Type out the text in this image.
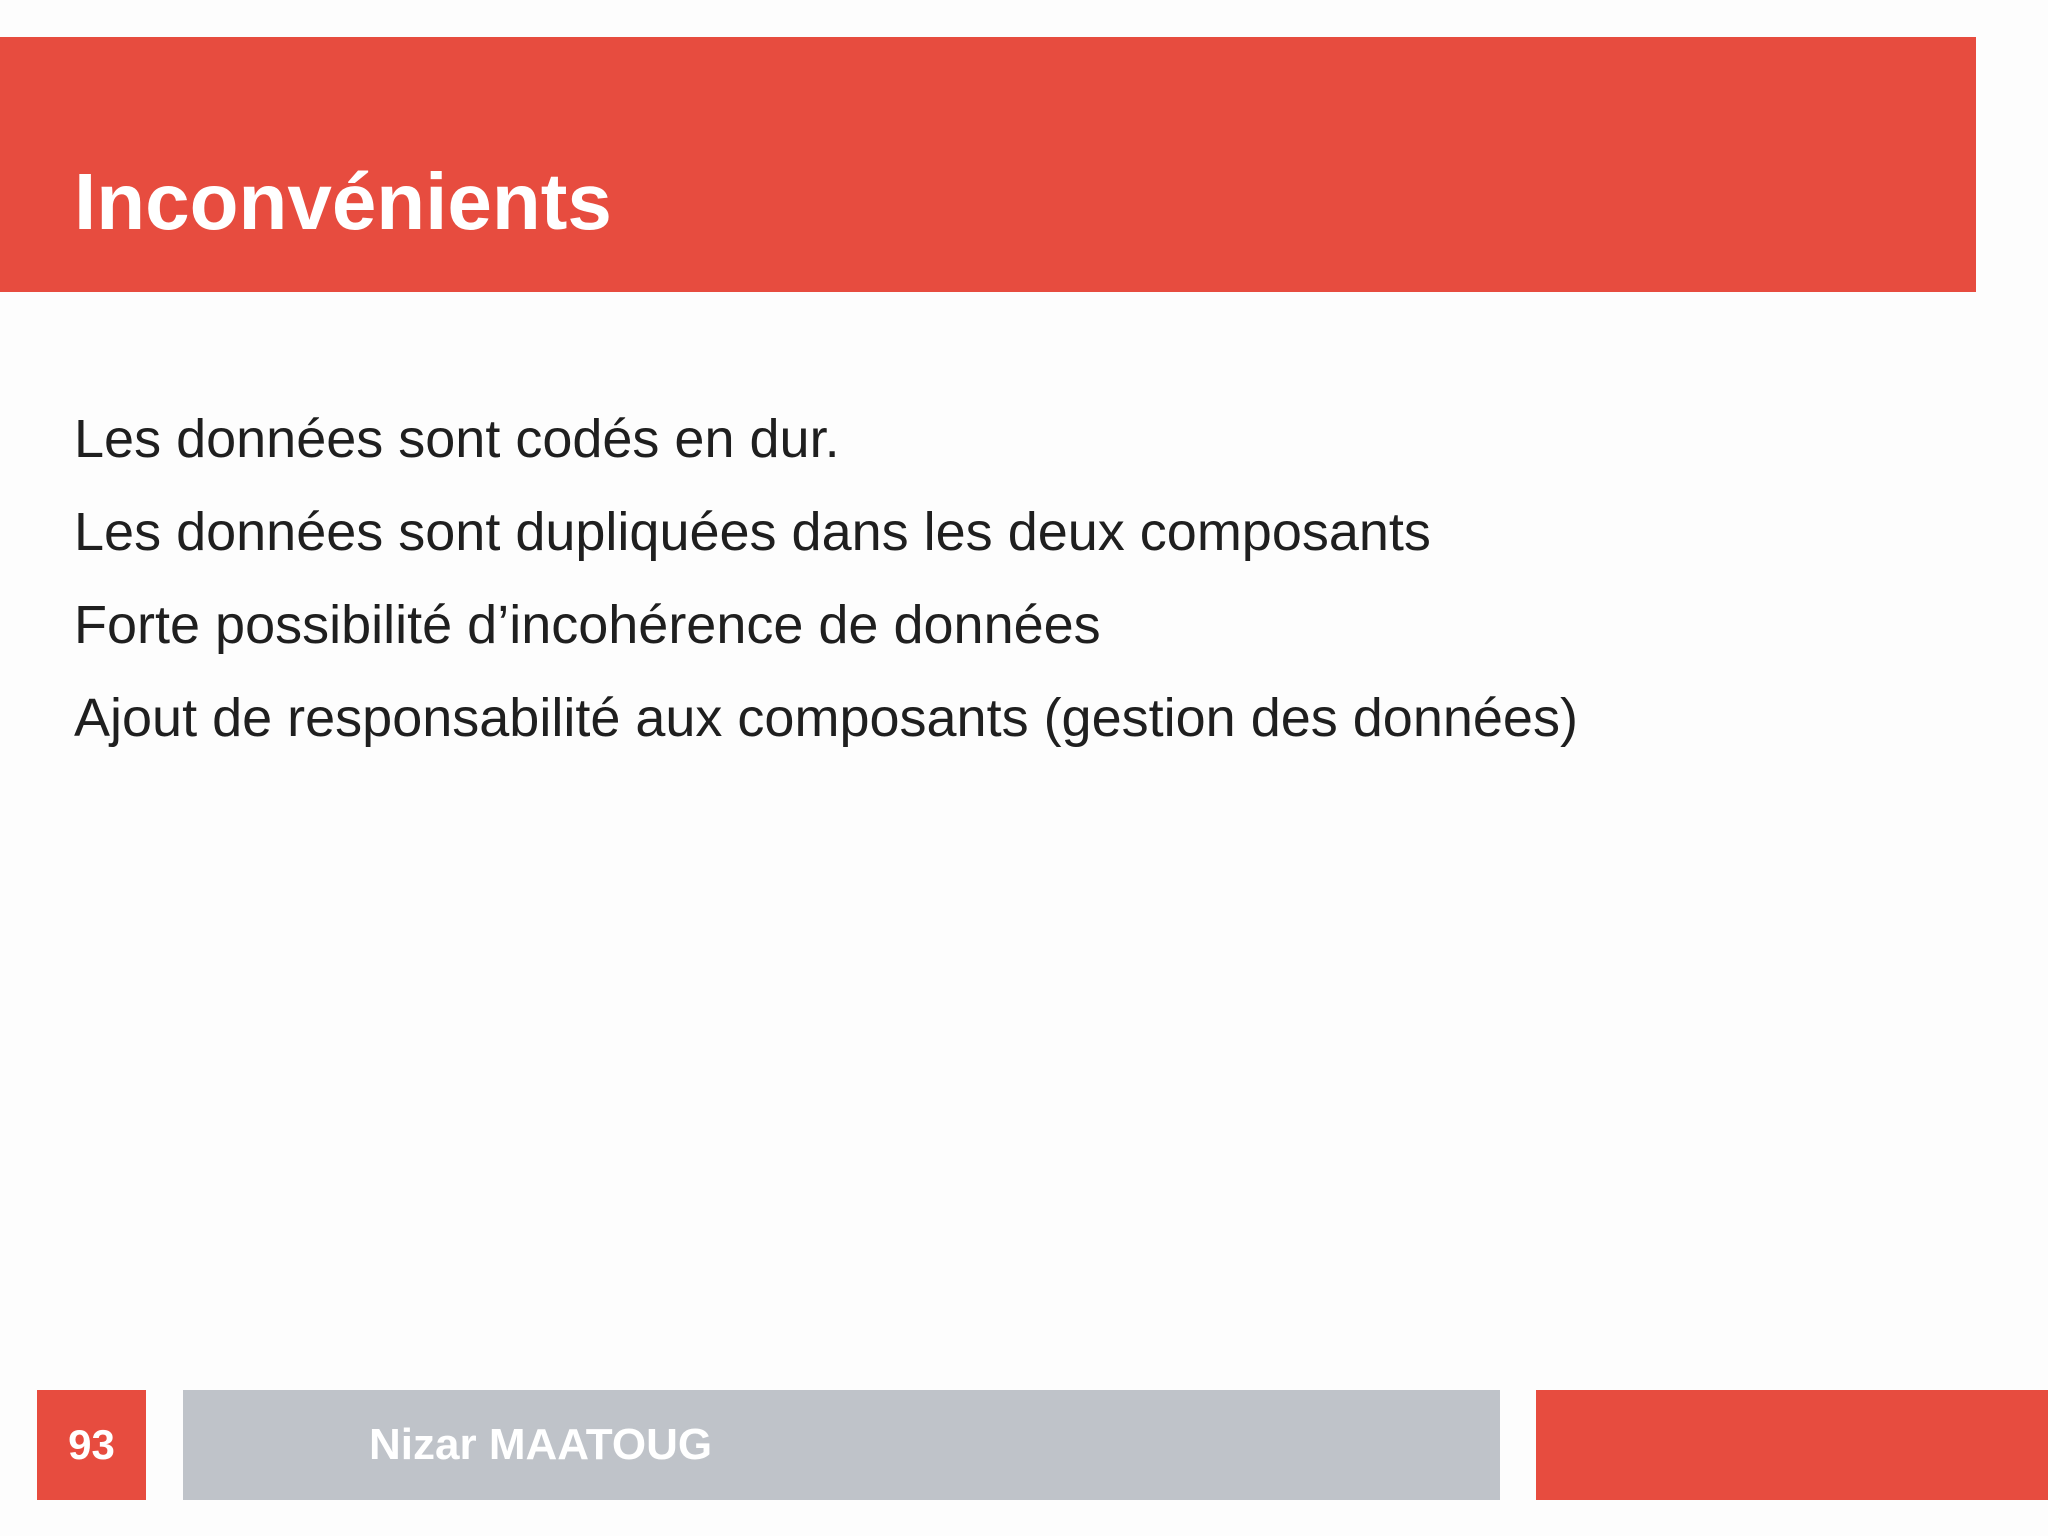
Inconvénients
Les données sont codés en dur.
Les données sont dupliquées dans les deux composants
Forte possibilité d’incohérence de données
Ajout de responsabilité aux composants (gestion des données)
93	Nizar MAATOUG
